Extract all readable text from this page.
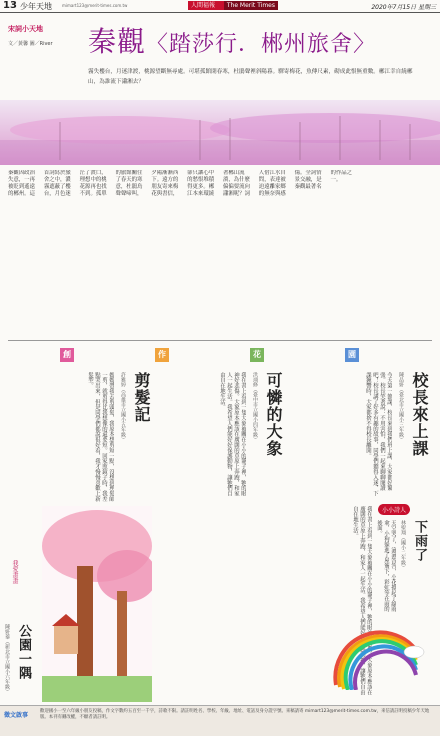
13 少年天地	mimart123@merit-times.com.tw	人間福報	The Merit Times	2020年7月15日 星期三
宋詞小天地
文／黃馨 圖／River 秦觀〈踏莎行．郴州旅舍〉
霧失樓台，月迷津渡，桃源望斷無尋處。可堪孤館閉春寒，杜鵑聲裡斜陽暮。驛寄梅花，魚傳尺素，砌成此恨無重數。郴江幸自繞郴山，為誰流下瀟湘去？
秦觀因政治失意，一再被貶到遙遠的郴州。這首詞寫於旅舍之中，濃霧遮蔽了樓台，月色迷茫了渡口，理想中的桃花源再也找不到。孤單的旅館關住了春天的寒意，杜鵑鳥聲聲啼叫，夕陽漸漸西下。遠方的朋友寄來梅花與書信，卻只讓心中的愁恨堆積得更多。郴江本來環繞著郴山流淌，為什麼偏偏要流向瀟湘呢？詞人借江水自問，表達被迫遠離家鄉的無奈與感傷。全詞情景交融，是秦觀最著名的作品之一。
創	作	花	園
校長來上課
陳品妍（臺北市立國小三年級）
今天第一節課，校長來到我們班上課，大家都好緊張。校長笑著說：不用害怕，我們一起來聊聊閱讀吧！校長講了好多有趣的故事，同學們聽得入迷，下課鐘響時，大家都捨不得校長離開。
可憐的大象
洪翊修（臺中市立國小四年級）
我在書上看到一隻大象被關在小小的籠子裡，牠的眼神好悲傷。大象原本應該在廣闊的草原上奔跑，和家人一起生活。我希望人們能好好保護動物，讓牠們自由自在地生活。
剪髮記
許雅婷（高雄市立國小五年級）
媽媽帶我去剪頭髮，我原本想剪短一點，沒想到理髮師一剪，就剪得比我想像的還要短。回家照鏡子時，我差點哭出來，但是同學們都說很好看，我才慢慢喜歡上新髮型。
我在書上看到一隻大象被關在小小的籠子裡，牠的眼神好悲傷。大象原本應該在廣闊的草原上奔跑，和家人一起生活。我希望人們能好好保護動物，讓牠們自由自在地生活。
我愛畫畫
公園一隅
陳妍蓁（新北市立國小六年級）
小小詩人
下雨了
林聖翔（國小二年級）
天空哭了，滴滴答答，小花撐起了綠雨傘，小狗躲進了屋簷下，彩虹等在雨的後面。
徵文啟事
歡迎國小一至六年級小朋友投稿，作文字數約五百至一千字，詩歌不限。請註明姓名、學校、年級、地址、電話及身分證字號。來稿請寄 mimart123@merit-times.com.tw，來信請註明投稿少年天地版。本刊有刪改權，不願者請註明。
